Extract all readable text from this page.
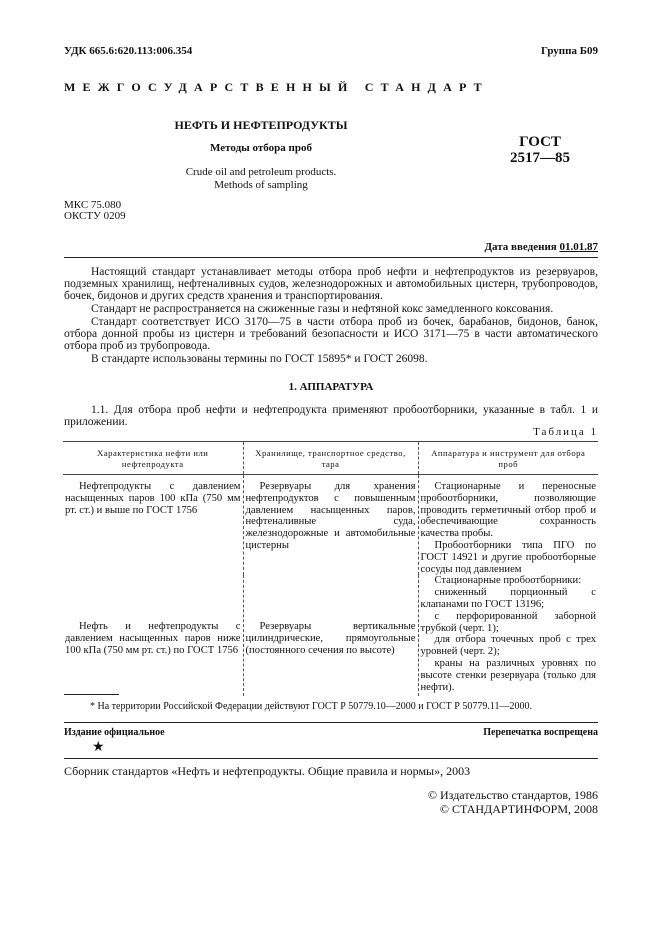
УДК 665.6:620.113:006.354	Группа Б09
МЕЖГОСУДАРСТВЕННЫЙ СТАНДАРТ
НЕФТЬ И НЕФТЕПРОДУКТЫ
Методы отбора проб
Crude oil and petroleum products.
Methods of sampling
ГОСТ
2517—85
МКС 75.080
ОКСТУ 0209
Дата введения 01.01.87

Настоящий стандарт устанавливает методы отбора проб нефти и нефтепродуктов из резервуаров, подземных хранилищ, нефтеналивных судов, железнодорожных и автомобильных цистерн, трубопроводов, бочек, бидонов и других средств хранения и транспортирования.

Стандарт не распространяется на сжиженные газы и нефтяной кокс замедленного коксования.

Стандарт соответствует ИСО 3170—75 в части отбора проб из бочек, барабанов, бидонов, банок, отбора донной пробы из цистерн и требований безопасности и ИСО 3171—75 в части автоматического отбора проб из трубопровода.

В стандарте использованы термины по ГОСТ 15895* и ГОСТ 26098.

1. АППАРАТУРА

1.1. Для отбора проб нефти и нефтепродукта применяют пробоотборники, указанные в табл. 1 и приложении.

Таблица 1
Характеристика нефти или нефтепродукта	Хранилище, транспортное средство, тара	Аппаратура и инструмент для отбора проб

Нефтепродукты с давлением насыщенных паров 100 кПа (750 мм рт. ст.) и выше по ГОСТ 1756	Резервуары для хранения нефтепродуктов с повышенным давлением насыщенных паров, нефтеналивные суда, железнодорожные и автомобильные цистерны	Стационарные и переносные пробоотборники, позволяющие проводить герметичный отбор проб и обеспечивающие сохранность качества пробы.

Пробоотборники типа ПГО по ГОСТ 14921 и другие пробоотборные сосуды под давлением

Нефть и нефтепродукты с давлением насыщенных паров ниже 100 кПа (750 мм рт. ст.) по ГОСТ 1756	Резервуары вертикальные цилиндрические, прямоугольные (постоянного сечения по высоте)	Стационарные пробоотборники:

сниженный порционный с клапанами по ГОСТ 13196;

с перфорированной заборной трубкой (черт. 1);

для отбора точечных проб с трех уровней (черт. 2);

краны на различных уровнях по высоте стенки резервуара (только для нефти).

* На территории Российской Федерации действуют ГОСТ Р 50779.10—2000 и ГОСТ Р 50779.11—2000.
Издание официальное	Перепечатка воспрещена
★
Сборник стандартов «Нефть и нефтепродукты. Общие правила и нормы», 2003
© Издательство стандартов, 1986
© СТАНДАРТИНФОРМ, 2008
